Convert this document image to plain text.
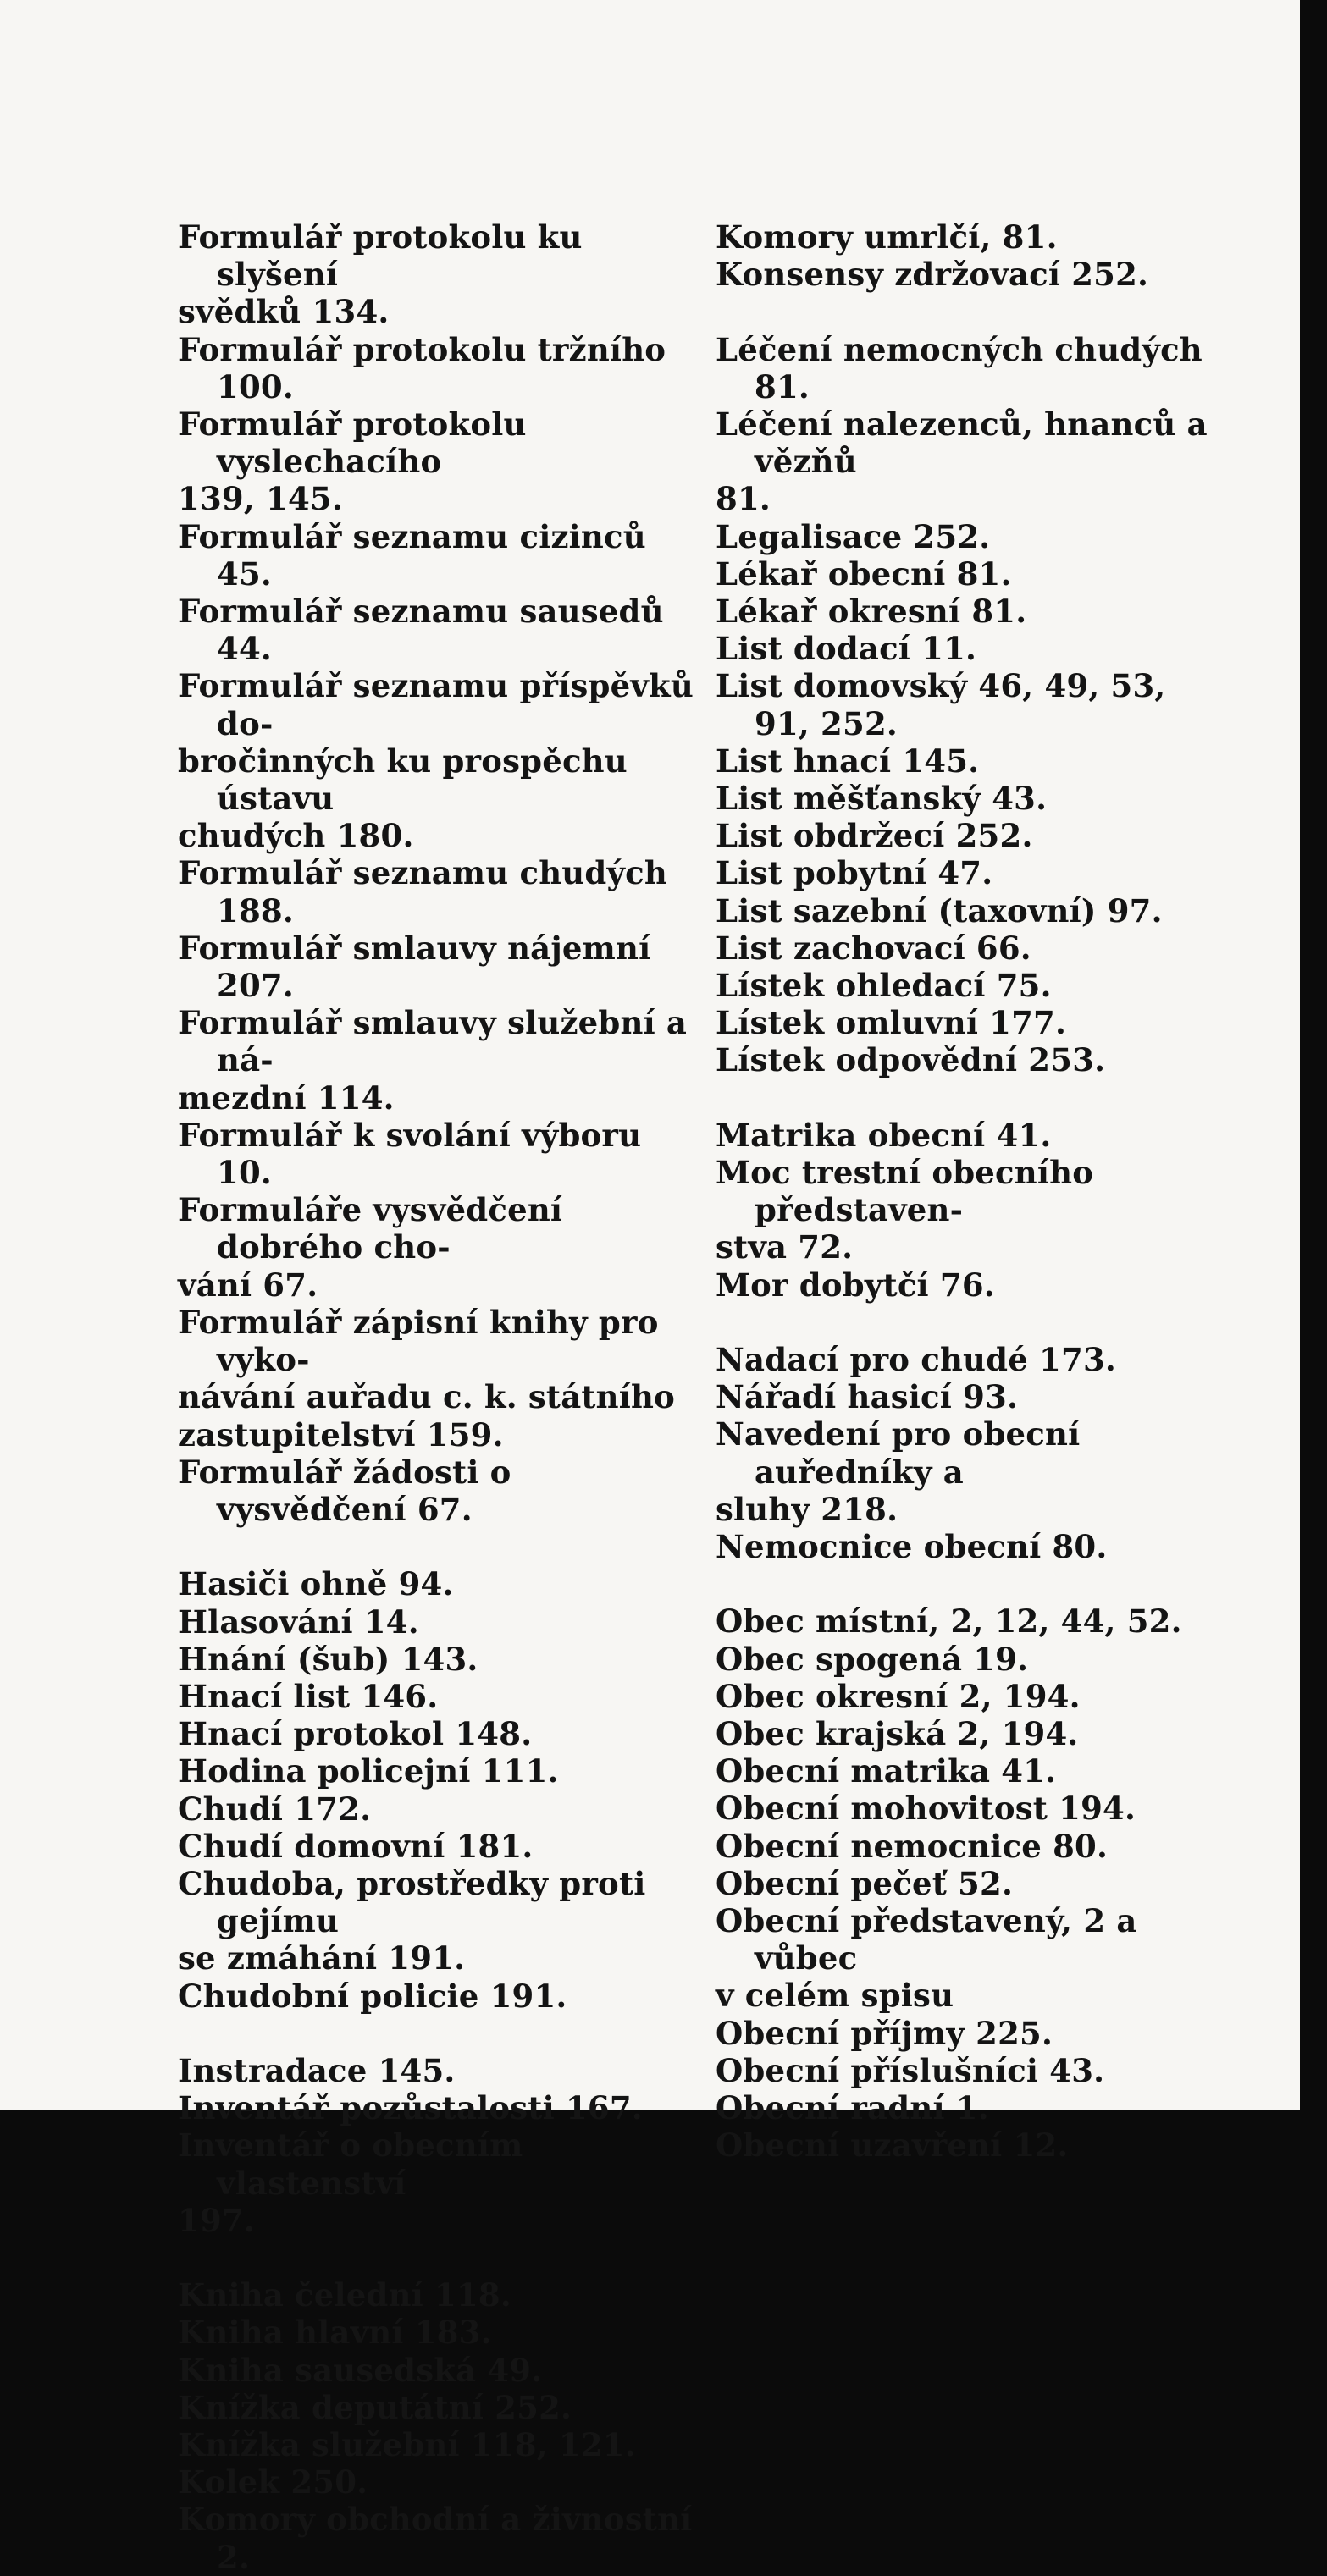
Formulář protokolu ku slyšení
svědků 134.
Formulář protokolu tržního 100.
Formulář protokolu vyslechacího
139, 145.
Formulář seznamu cizinců 45.
Formulář seznamu sausedů 44.
Formulář seznamu příspěvků do-
bročinných ku prospěchu ústavu
chudých 180.
Formulář seznamu chudých 188.
Formulář smlauvy nájemní 207.
Formulář smlauvy služební a ná-
mezdní 114.
Formulář k svolání výboru 10.
Formuláře vysvědčení dobrého cho-
vání 67.
Formulář zápisní knihy pro vyko-
návání auřadu c. k. státního
zastupitelství 159.
Formulář žádosti o vysvědčení 67.
Hasiči ohně 94.
Hlasování 14.
Hnání (šub) 143.
Hnací list 146.
Hnací protokol 148.
Hodina policejní 111.
Chudí 172.
Chudí domovní 181.
Chudoba, prostředky proti gejímu
se zmáhání 191.
Chudobní policie 191.
Instradace 145.
Inventář pozůstalosti 167.
Inventář o obecním vlastenství
197.
Kniha čelední 118.
Kniha hlavní 183.
Kniha sausedská 49.
Knížka deputátní 252.
Knížka služební 118, 121.
Kolek 250.
Komory obchodní a živnostní 2.
Komory umrlčí, 81.
Konsensy zdržovací 252.
Léčení nemocných chudých 81.
Léčení nalezenců, hnanců a vězňů
81.
Legalisace 252.
Lékař obecní 81.
Lékař okresní 81.
List dodací 11.
List domovský 46, 49, 53, 91, 252.
List hnací 145.
List měšťanský 43.
List obdržecí 252.
List pobytní 47.
List sazební (taxovní) 97.
List zachovací 66.
Lístek ohledací 75.
Lístek omluvní 177.
Lístek odpovědní 253.
Matrika obecní 41.
Moc trestní obecního představen-
stva 72.
Mor dobytčí 76.
Nadací pro chudé 173.
Nářadí hasicí 93.
Navedení pro obecní auředníky a
sluhy 218.
Nemocnice obecní 80.
Obec místní, 2, 12, 44, 52.
Obec spogená 19.
Obec okresní 2, 194.
Obec krajská 2, 194.
Obecní matrika 41.
Obecní mohovitost 194.
Obecní nemocnice 80.
Obecní pečeť 52.
Obecní představený, 2 a vůbec
v celém spisu
Obecní příjmy 225.
Obecní příslušníci 43.
Obecní radní 1.
Obecní uzavření 12.
